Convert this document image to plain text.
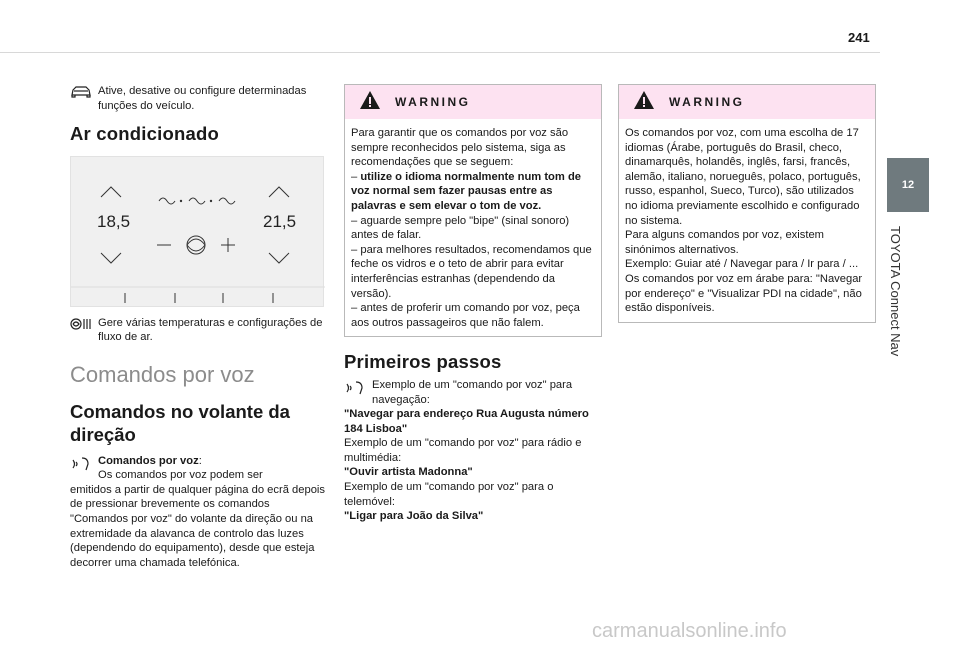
241
12
TOYOTA Connect Nav
Ative, desative ou configure determinadas funções do veículo.
Ar condicionado
18,5	21,5
Gere várias temperaturas e configurações de fluxo de ar.
Comandos por voz
Comandos no volante da direção
Comandos por voz:
Os comandos por voz podem ser
emitidos a partir de qualquer página do ecrã depois de pressionar brevemente os comandos "Comandos por voz" do volante da direção ou na extremidade da alavanca de controlo das luzes (dependendo do equipamento), desde que esteja decorrer uma chamada telefónica.
WARNING

Para garantir que os comandos por voz são sempre reconhecidos pelo sistema, siga as recomendações que se seguem:

– utilize o idioma normalmente num tom de voz normal sem fazer pausas entre as palavras e sem elevar o tom de voz.

– aguarde sempre pelo "bipe" (sinal sonoro) antes de falar.

– para melhores resultados, recomendamos que feche os vidros e o teto de abrir para evitar interferências estranhas (dependendo da versão).

– antes de proferir um comando por voz, peça aos outros passageiros que não falem.

Primeiros passos
Exemplo de um "comando por voz" para navegação:
"Navegar para endereço Rua Augusta número 184 Lisboa"
Exemplo de um "comando por voz" para rádio e multimédia:
"Ouvir artista Madonna"
Exemplo de um "comando por voz" para o telemóvel:
"Ligar para João da Silva"
WARNING

Os comandos por voz, com uma escolha de 17 idiomas (Árabe, português do Brasil, checo, dinamarquês, holandês, inglês, farsi, francês, alemão, italiano, norueguês, polaco, português, russo, espanhol, Sueco, Turco), são utilizados no idioma previamente escolhido e configurado no sistema.

Para alguns comandos por voz, existem sinónimos alternativos.

Exemplo: Guiar até / Navegar para / Ir para / ...

Os comandos por voz em árabe para: "Navegar por endereço" e "Visualizar PDI na cidade", não estão disponíveis.

carmanualsonline.info
